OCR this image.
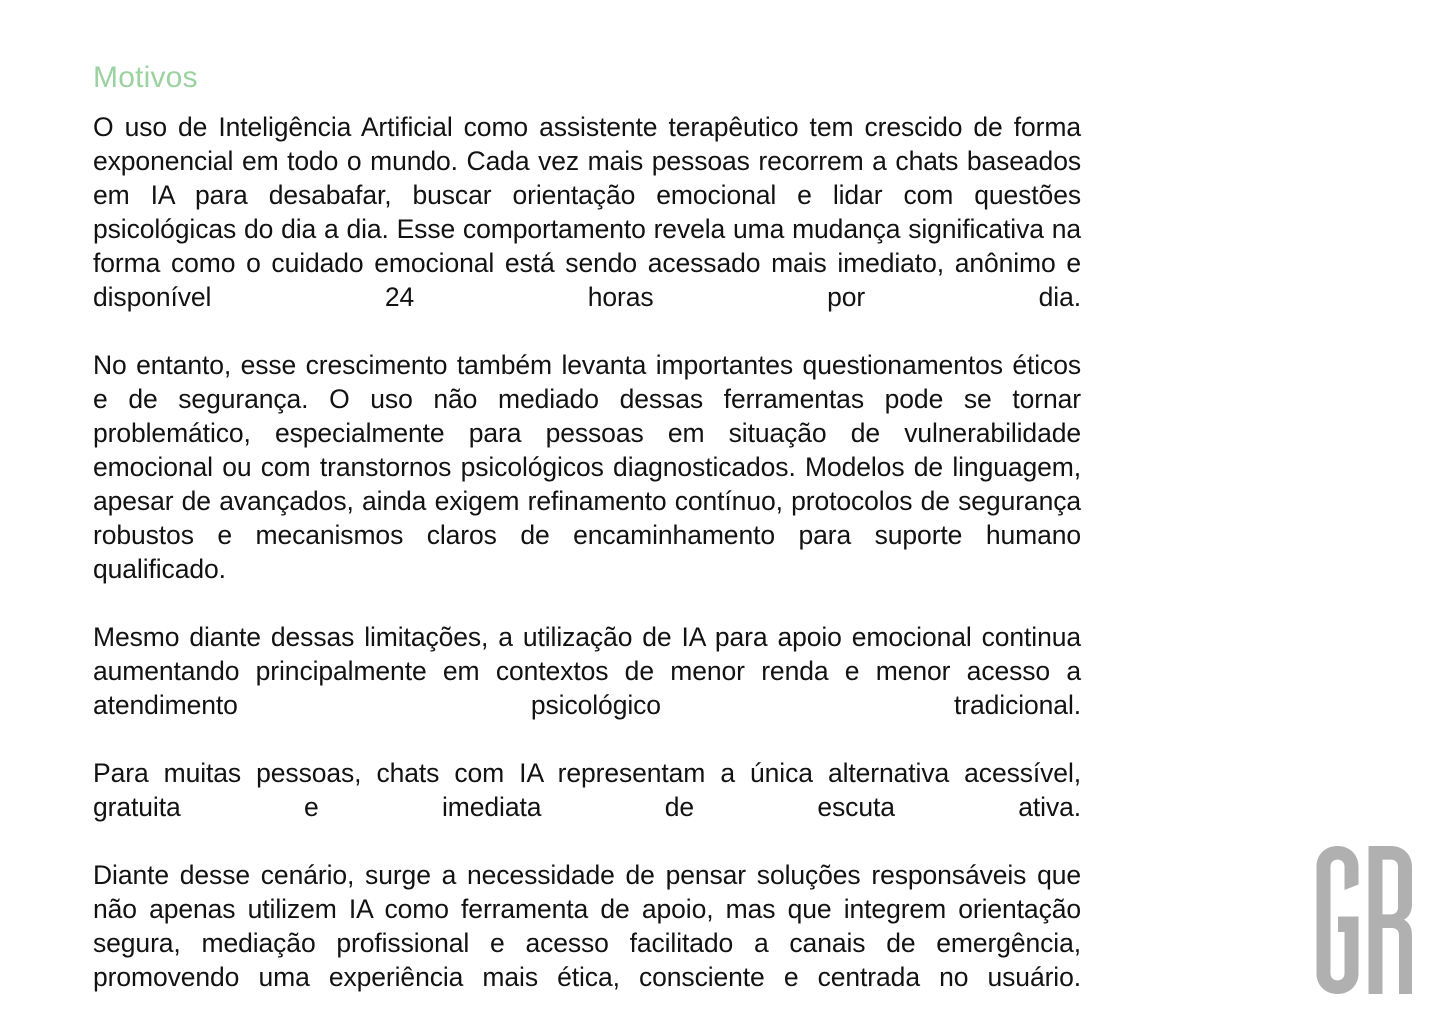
Motivos

O uso de Inteligência Artificial como assistente terapêutico tem crescido de forma exponencial em todo o mundo. Cada vez mais pessoas recorrem a chats baseados em IA para desabafar, buscar orientação emocional e lidar com questões psicológicas do dia a dia. Esse comportamento revela uma mudança significativa na forma como o cuidado emocional está sendo acessado mais imediato, anônimo e disponível 24 horas por dia.

No entanto, esse crescimento também levanta importantes questionamentos éticos e de segurança. O uso não mediado dessas ferramentas pode se tornar problemático, especialmente para pessoas em situação de vulnerabilidade emocional ou com transtornos psicológicos diagnosticados. Modelos de linguagem, apesar de avançados, ainda exigem refinamento contínuo, protocolos de segurança robustos e mecanismos claros de encaminhamento para suporte humano qualificado.

Mesmo diante dessas limitações, a utilização de IA para apoio emocional continua aumentando principalmente em contextos de menor renda e menor acesso a atendimento psicológico tradicional.

Para muitas pessoas, chats com IA representam a única alternativa acessível, gratuita e imediata de escuta ativa.

Diante desse cenário, surge a necessidade de pensar soluções responsáveis que não apenas utilizem IA como ferramenta de apoio, mas que integrem orientação segura, mediação profissional e acesso facilitado a canais de emergência, promovendo uma experiência mais ética, consciente e centrada no usuário.
